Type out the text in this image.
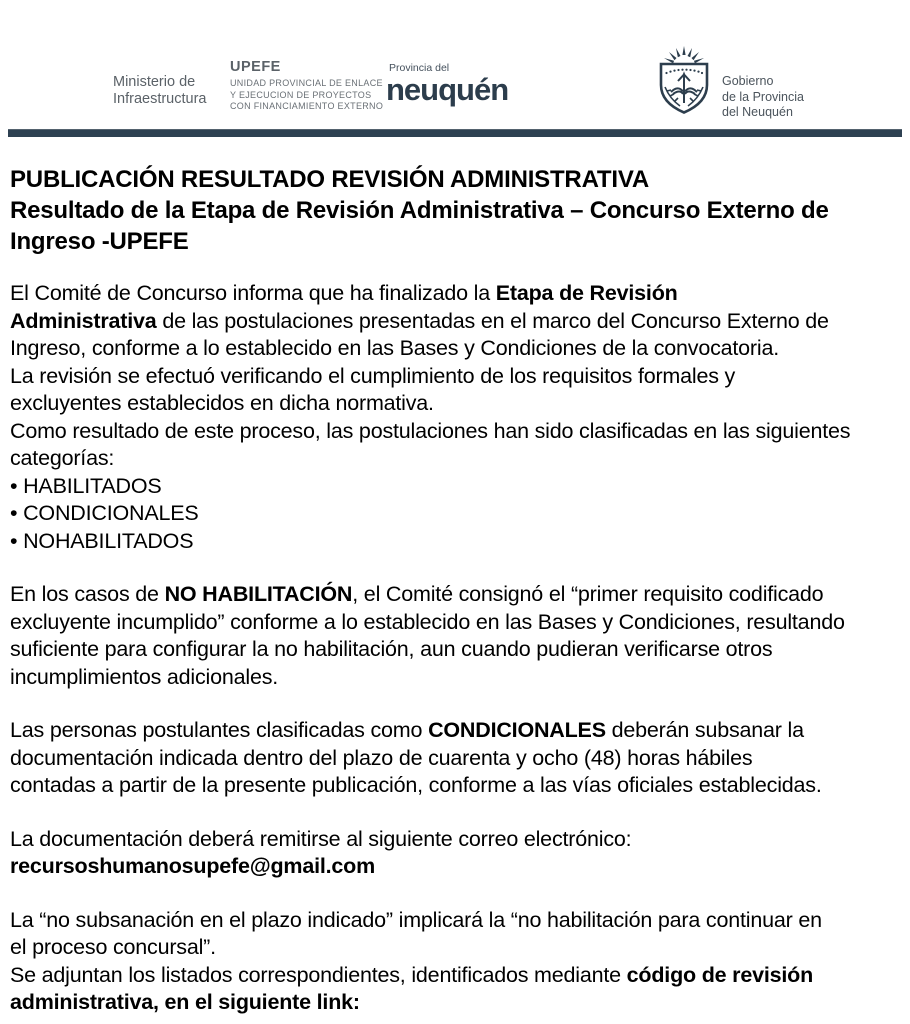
Ministerio de
Infraestructura
UPEFE
UNIDAD PROVINCIAL DE ENLACE
Y EJECUCION DE PROYECTOS
CON FINANCIAMIENTO EXTERNO
Provincia del
neuquén	Gobierno
de la Provincia
del Neuquén
PUBLICACIÓN RESULTADO REVISIÓN ADMINISTRATIVA
Resultado de la Etapa de Revisión Administrativa – Concurso Externo de
Ingreso -UPEFE
El Comité de Concurso informa que ha finalizado la Etapa de Revisión
Administrativa de las postulaciones presentadas en el marco del Concurso Externo de
Ingreso, conforme a lo establecido en las Bases y Condiciones de la convocatoria.
La revisión se efectuó verificando el cumplimiento de los requisitos formales y
excluyentes establecidos en dicha normativa.
Como resultado de este proceso, las postulaciones han sido clasificadas en las siguientes
categorías:
• HABILITADOS
• CONDICIONALES
• NOHABILITADOS
En los casos de NO HABILITACIÓN, el Comité consignó el “primer requisito codificado
excluyente incumplido” conforme a lo establecido en las Bases y Condiciones, resultando
suficiente para configurar la no habilitación, aun cuando pudieran verificarse otros
incumplimientos adicionales.
Las personas postulantes clasificadas como CONDICIONALES deberán subsanar la
documentación indicada dentro del plazo de cuarenta y ocho (48) horas hábiles
contadas a partir de la presente publicación, conforme a las vías oficiales establecidas.
La documentación deberá remitirse al siguiente correo electrónico:
recursoshumanosupefe@gmail.com
La “no subsanación en el plazo indicado” implicará la “no habilitación para continuar en
el proceso concursal”.
Se adjuntan los listados correspondientes, identificados mediante código de revisión
administrativa, en el siguiente link:
